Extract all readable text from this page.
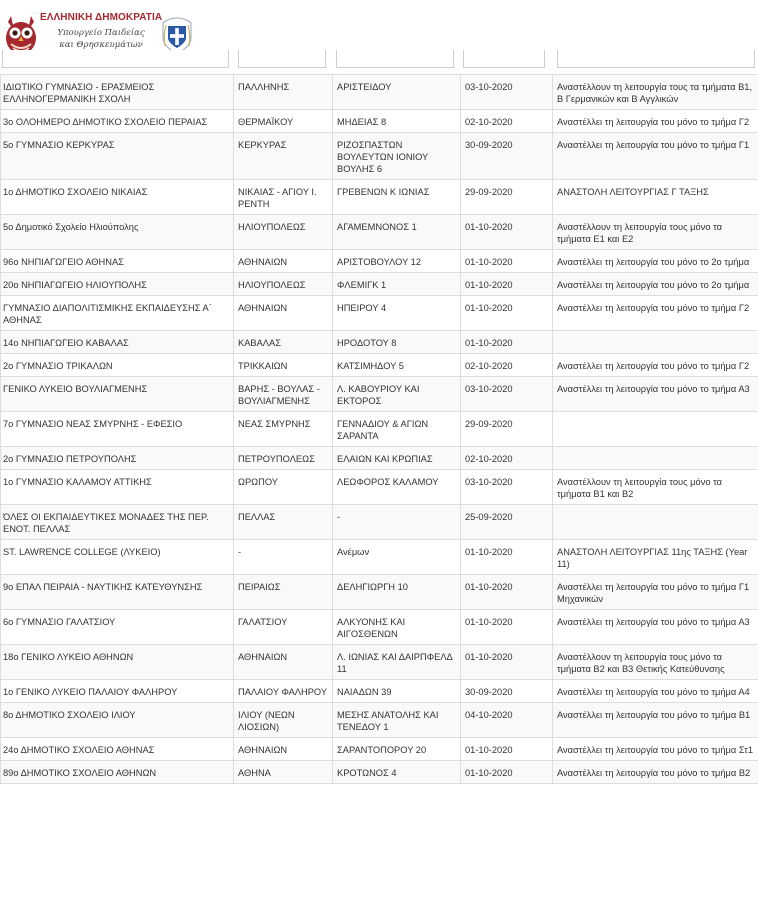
ΕΛΛΗΝΙΚΗ ΔΗΜΟΚΡΑΤΙΑ
Υπουργείο Παιδείας
και Θρησκευμάτων
ΙΔΙΩΤΙΚΟ ΓΥΜΝΑΣΙΟ - ΕΡΑΣΜΕΙΟΣ ΕΛΛΗΝΟΓΕΡΜΑΝΙΚΗ ΣΧΟΛΗ	ΠΑΛΛΗΝΗΣ	ΑΡΙΣΤΕΙΔΟΥ	03-10-2020	Αναστέλλουν τη λειτουργία τους τα τμήματα Β1, Β Γερμανικών και Β Αγγλικών
3ο ΟΛΟΗΜΕΡΟ ΔΗΜΟΤΙΚΟ ΣΧΟΛΕΙΟ ΠΕΡΑΙΑΣ	ΘΕΡΜΑΪΚΟΥ	ΜΗΔΕΙΑΣ 8	02-10-2020	Αναστέλλει τη λειτουργία του μόνο το τμήμα Γ2
5ο ΓΥΜΝΑΣΙΟ ΚΕΡΚΥΡΑΣ	ΚΕΡΚΥΡΑΣ	ΡΙΖΟΣΠΑΣΤΩΝ ΒΟΥΛΕΥΤΩΝ ΙΟΝΙΟΥ ΒΟΥΛΗΣ 6	30-09-2020	Αναστέλλει τη λειτουργία του μόνο το τμήμα Γ1
1ο ΔΗΜΟΤΙΚΟ ΣΧΟΛΕΙΟ ΝΙΚΑΙΑΣ	ΝΙΚΑΙΑΣ - ΑΓΙΟΥ Ι. ΡΕΝΤΗ	ΓΡΕΒΕΝΩΝ Κ ΙΩΝΙΑΣ	29-09-2020	ΑΝΑΣΤΟΛΗ ΛΕΙΤΟΥΡΓΙΑΣ Γ ΤΑΞΗΣ
5ο Δημοτικό Σχολείο Ηλιούπολης	ΗΛΙΟΥΠΟΛΕΩΣ	ΑΓΑΜΕΜΝΟΝΟΣ 1	01-10-2020	Αναστέλλουν τη λειτουργία τους μόνο τα τμήματα Ε1 και Ε2
96ο ΝΗΠΙΑΓΩΓΕΙΟ ΑΘΗΝΑΣ	ΑΘΗΝΑΙΩΝ	ΑΡΙΣΤΟΒΟΥΛΟΥ 12	01-10-2020	Αναστέλλει τη λειτουργία του μόνο το 2ο τμήμα
20ο ΝΗΠΙΑΓΩΓΕΙΟ ΗΛΙΟΥΠΟΛΗΣ	ΗΛΙΟΥΠΟΛΕΩΣ	ΦΛΕΜΙΓΚ 1	01-10-2020	Αναστέλλει τη λειτουργία του μόνο το 2ο τμήμα
ΓΥΜΝΑΣΙΟ ΔΙΑΠΟΛΙΤΙΣΜΙΚΗΣ ΕΚΠΑΙΔΕΥΣΗΣ Α΄ ΑΘΗΝΑΣ	ΑΘΗΝΑΙΩΝ	ΗΠΕΙΡΟΥ 4	01-10-2020	Αναστέλλει τη λειτουργία του μόνο το τμήμα Γ2
14ο ΝΗΠΙΑΓΩΓΕΙΟ ΚΑΒΑΛΑΣ	ΚΑΒΑΛΑΣ	ΗΡΟΔΟΤΟΥ 8	01-10-2020	
2ο ΓΥΜΝΑΣΙΟ ΤΡΙΚΑΛΩΝ	ΤΡΙΚΚΑΙΩΝ	ΚΑΤΣΙΜΗΔΟΥ 5	02-10-2020	Αναστέλλει τη λειτουργία του μόνο το τμήμα Γ2
ΓΕΝΙΚΟ ΛΥΚΕΙΟ ΒΟΥΛΙΑΓΜΕΝΗΣ	ΒΑΡΗΣ - ΒΟΥΛΑΣ - ΒΟΥΛΙΑΓΜΕΝΗΣ	Λ. ΚΑΒΟΥΡΙΟΥ ΚΑΙ ΕΚΤΟΡΟΣ	03-10-2020	Αναστέλλει τη λειτουργία του μόνο το τμήμα Α3
7ο ΓΥΜΝΑΣΙΟ ΝΕΑΣ ΣΜΥΡΝΗΣ - ΕΦΕΣΙΟ	ΝΕΑΣ ΣΜΥΡΝΗΣ	ΓΕΝΝΑΔΙΟΥ & ΑΓΙΩΝ ΣΑΡΑΝΤΑ	29-09-2020	
2ο ΓΥΜΝΑΣΙΟ ΠΕΤΡΟΥΠΟΛΗΣ	ΠΕΤΡΟΥΠΟΛΕΩΣ	ΕΛΑΙΩΝ ΚΑΙ ΚΡΩΠΙΑΣ	02-10-2020	
1ο ΓΥΜΝΑΣΙΟ ΚΑΛΑΜΟΥ ΑΤΤΙΚΗΣ	ΩΡΩΠΟΥ	ΛΕΩΦΟΡΟΣ ΚΑΛΑΜΟΥ	03-10-2020	Αναστέλλουν τη λειτουργία τους μόνο τα τμήματα Β1 και Β2
ΌΛΕΣ ΟΙ ΕΚΠΑΙΔΕΥΤΙΚΕΣ ΜΟΝΑΔΕΣ ΤΗΣ ΠΕΡ. ΕΝΟΤ. ΠΕΛΛΑΣ	ΠΕΛΛΑΣ	-	25-09-2020	
ST. LAWRENCE COLLEGE (ΛΥΚΕΙΟ)	-	Ανέμων	01-10-2020	ΑΝΑΣΤΟΛΗ ΛΕΙΤΟΥΡΓΙΑΣ 11ης ΤΑΞΗΣ (Year 11)
9ο ΕΠΑΛ ΠΕΙΡΑΙΑ - ΝΑΥΤΙΚΗΣ ΚΑΤΕΥΘΥΝΣΗΣ	ΠΕΙΡΑΙΩΣ	ΔΕΛΗΓΙΩΡΓΗ 10	01-10-2020	Αναστέλλει τη λειτουργία του μόνο το τμήμα Γ1 Μηχανικών
6ο ΓΥΜΝΑΣΙΟ ΓΑΛΑΤΣΙΟΥ	ΓΑΛΑΤΣΙΟΥ	ΑΛΚΥΟΝΗΣ ΚΑΙ ΑΙΓΟΣΘΕΝΩΝ	01-10-2020	Αναστέλλει τη λειτουργία του μόνο το τμήμα Α3
18ο ΓΕΝΙΚΟ ΛΥΚΕΙΟ ΑΘΗΝΩΝ	ΑΘΗΝΑΙΩΝ	Λ. ΙΩΝΙΑΣ ΚΑΙ ΔΑΙΡΠΦΕΛΔ 11	01-10-2020	Αναστέλλουν τη λειτουργία τους μόνο τα τμήματα Β2 και Β3 Θετικής Κατεύθυνσης
1ο ΓΕΝΙΚΟ ΛΥΚΕΙΟ ΠΑΛΑΙΟΥ ΦΑΛΗΡΟΥ	ΠΑΛΑΙΟΥ ΦΑΛΗΡΟΥ	ΝΑΙΑΔΩΝ 39	30-09-2020	Αναστέλλει τη λειτουργία του μόνο το τμήμα Α4
8ο ΔΗΜΟΤΙΚΟ ΣΧΟΛΕΙΟ ΙΛΙΟΥ	ΙΛΙΟΥ (ΝΕΩΝ ΛΙΟΣΙΩΝ)	ΜΕΣΗΣ ΑΝΑΤΟΛΗΣ ΚΑΙ ΤΕΝΕΔΟΥ 1	04-10-2020	Αναστέλλει τη λειτουργία του μόνο το τμήμα Β1
24ο ΔΗΜΟΤΙΚΟ ΣΧΟΛΕΙΟ ΑΘΗΝΑΣ	ΑΘΗΝΑΙΩΝ	ΣΑΡΑΝΤΟΠΟΡΟΥ 20	01-10-2020	Αναστέλλει τη λειτουργία του μόνο το τμήμα Στ1
89ο ΔΗΜΟΤΙΚΟ ΣΧΟΛΕΙΟ ΑΘΗΝΩΝ	ΑΘΗΝΑ	ΚΡΟΤΩΝΟΣ 4	01-10-2020	Αναστέλλει τη λειτουργία του μόνο το τμήμα Β2
